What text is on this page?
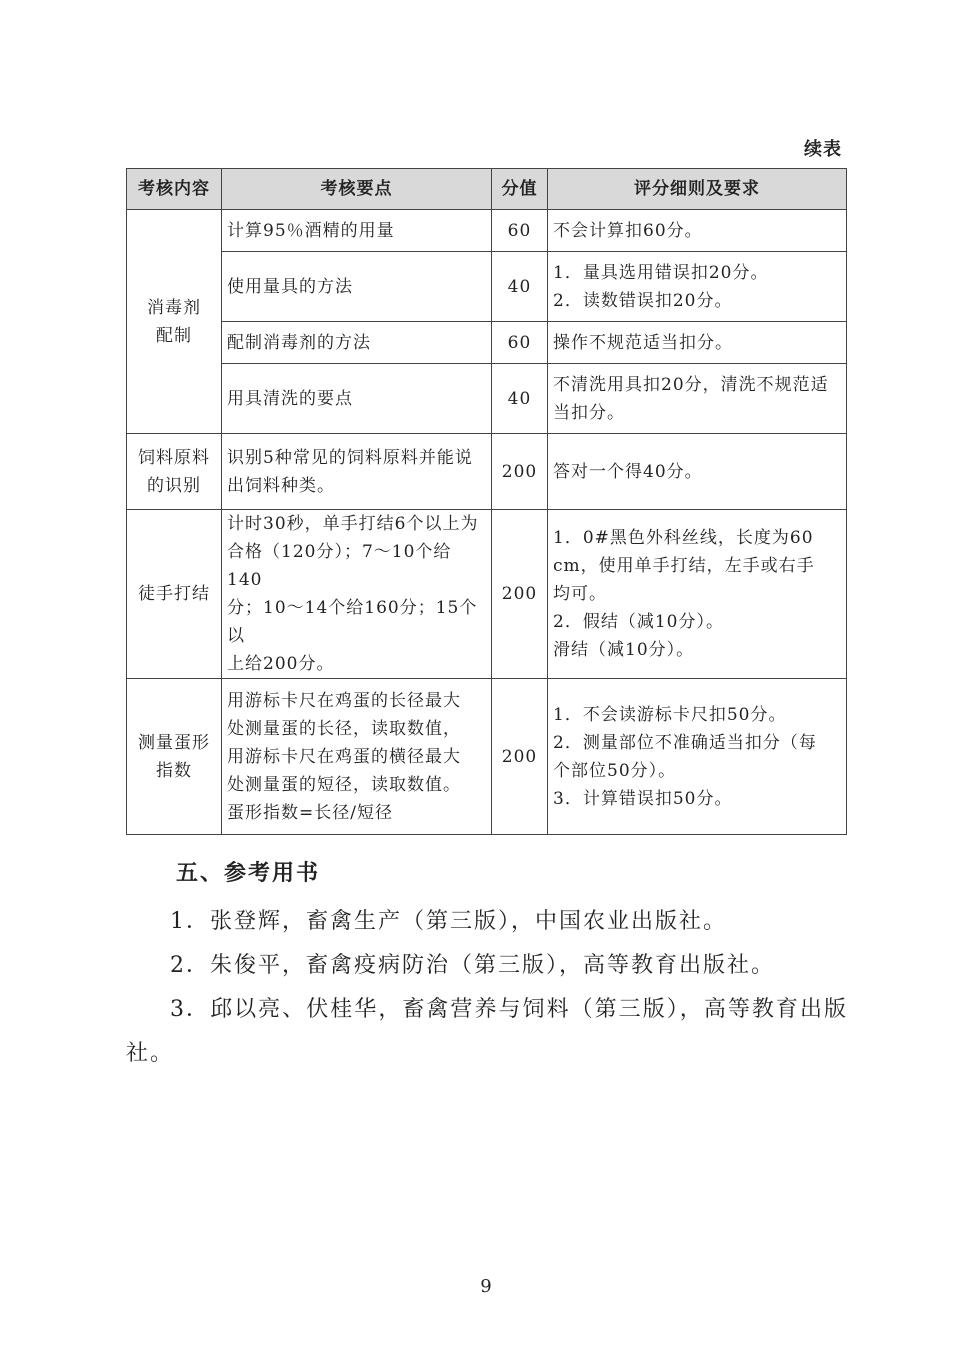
续表
考核内容	考核要点	分值	评分细则及要求

消毒剂
配制	计算95％酒精的用量	60	不会计算扣60分。

	使用量具的方法	40	1．量具选用错误扣20分。
2．读数错误扣20分。

	配制消毒剂的方法	60	操作不规范适当扣分。

	用具清洗的要点	40	不清洗用具扣20分，清洗不规范适
当扣分。

饲料原料
的识别	识别5种常见的饲料原料并能说
出饲料种类。	200	答对一个得40分。

徒手打结	计时30秒，单手打结6个以上为
合格（120分）；7～10个给140
分；10～14个给160分；15个以
上给200分。	200	1．0#黑色外科丝线，长度为60
cm，使用单手打结，左手或右手
均可。
2．假结（减10分）。
滑结（减10分）。

测量蛋形
指数	用游标卡尺在鸡蛋的长径最大
处测量蛋的长径，读取数值，
用游标卡尺在鸡蛋的横径最大
处测量蛋的短径，读取数值。
蛋形指数=长径/短径	200	1．不会读游标卡尺扣50分。
2．测量部位不准确适当扣分（每
个部位50分）。
3．计算错误扣50分。
五、参考用书

1．张登辉，畜禽生产（第三版），中国农业出版社。

2．朱俊平，畜禽疫病防治（第三版），高等教育出版社。

3．邱以亮、伏桂华，畜禽营养与饲料（第三版），高等教育出版社。

9
